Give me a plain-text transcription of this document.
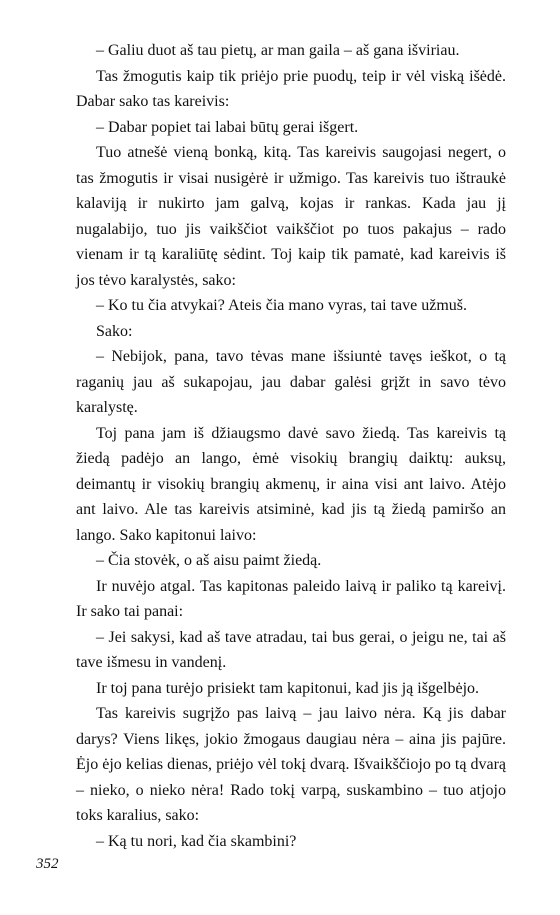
– Galiu duot aš tau pietų, ar man gaila – aš gana išviriau.

Tas žmogutis kaip tik priėjo prie puodų, teip ir vėl viską išėdė. Dabar sako tas kareivis:

– Dabar popiet tai labai būtų gerai išgert.

Tuo atnešė vieną bonką, kitą. Tas kareivis saugojasi negert, o tas žmogutis ir visai nusigėrė ir užmigo. Tas kareivis tuo ištraukė kalaviją ir nukirto jam galvą, kojas ir rankas. Kada jau jį nugalabijo, tuo jis vaikščiot vaikščiot po tuos pakajus – rado vienam ir tą karaliūtę sėdint. Toj kaip tik pamatė, kad kareivis iš jos tėvo karalystės, sako:

– Ko tu čia atvykai? Ateis čia mano vyras, tai tave užmuš.

Sako:

– Nebijok, pana, tavo tėvas mane išsiuntė tavęs ieškot, o tą raganių jau aš sukapojau, jau dabar galėsi grįžt in savo tėvo karalystę.

Toj pana jam iš džiaugsmo davė savo žiedą. Tas kareivis tą žiedą padėjo an lango, ėmė visokių brangių daiktų: auksų, deimantų ir visokių brangių akmenų, ir aina visi ant laivo. Atėjo ant laivo. Ale tas kareivis atsiminė, kad jis tą žiedą pamiršo an lango. Sako kapitonui laivo:

– Čia stovėk, o aš aisu paimt žiedą.

Ir nuvėjo atgal. Tas kapitonas paleido laivą ir paliko tą kareivį. Ir sako tai panai:

– Jei sakysi, kad aš tave atradau, tai bus gerai, o jeigu ne, tai aš tave išmesu in vandenį.

Ir toj pana turėjo prisiekt tam kapitonui, kad jis ją išgelbėjo.

Tas kareivis sugrįžo pas laivą – jau laivo nėra. Ką jis dabar darys? Viens likęs, jokio žmogaus daugiau nėra – aina jis pajūre. Ėjo ėjo kelias dienas, priėjo vėl tokį dvarą. Išvaikščiojo po tą dvarą – nieko, o nieko nėra! Rado tokį varpą, suskambino – tuo atjojo toks karalius, sako:

– Ką tu nori, kad čia skambini?

352
